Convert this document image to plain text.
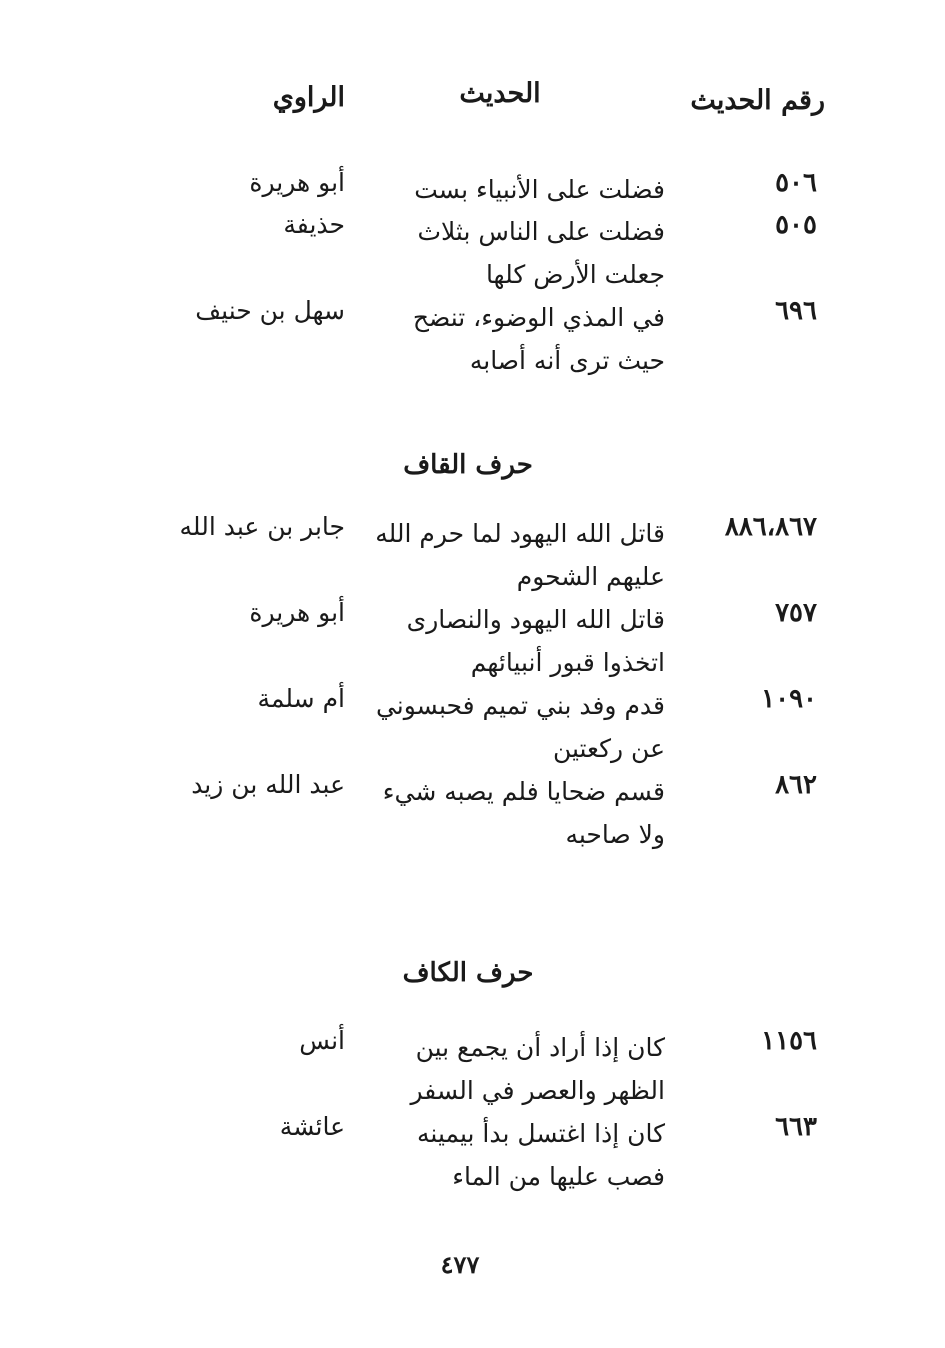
رقم الحديث
الحديث
الراوي
٥٠٦
فضلت على الأنبياء بست
أبو هريرة
٥٠٥
فضلت على الناس بثلاث جعلت الأرض كلها
حذيفة
٦٩٦
في المذي الوضوء، تنضح حيث ترى أنه أصابه
سهل بن حنيف
حرف القاف
٨٨٦،٨٦٧
قاتل الله اليهود لما حرم الله عليهم الشحوم
جابر بن عبد الله
٧٥٧
قاتل الله اليهود والنصارى اتخذوا قبور أنبيائهم
أبو هريرة
١٠٩٠
قدم وفد بني تميم فحبسوني عن ركعتين
أم سلمة
٨٦٢
قسم ضحايا فلم يصبه شيء ولا صاحبه
عبد الله بن زيد
حرف الكاف
١١٥٦
كان إذا أراد أن يجمع بين الظهر والعصر في السفر
أنس
٦٦٣
كان إذا اغتسل بدأ بيمينه فصب عليها من الماء
عائشة
٤٧٧
